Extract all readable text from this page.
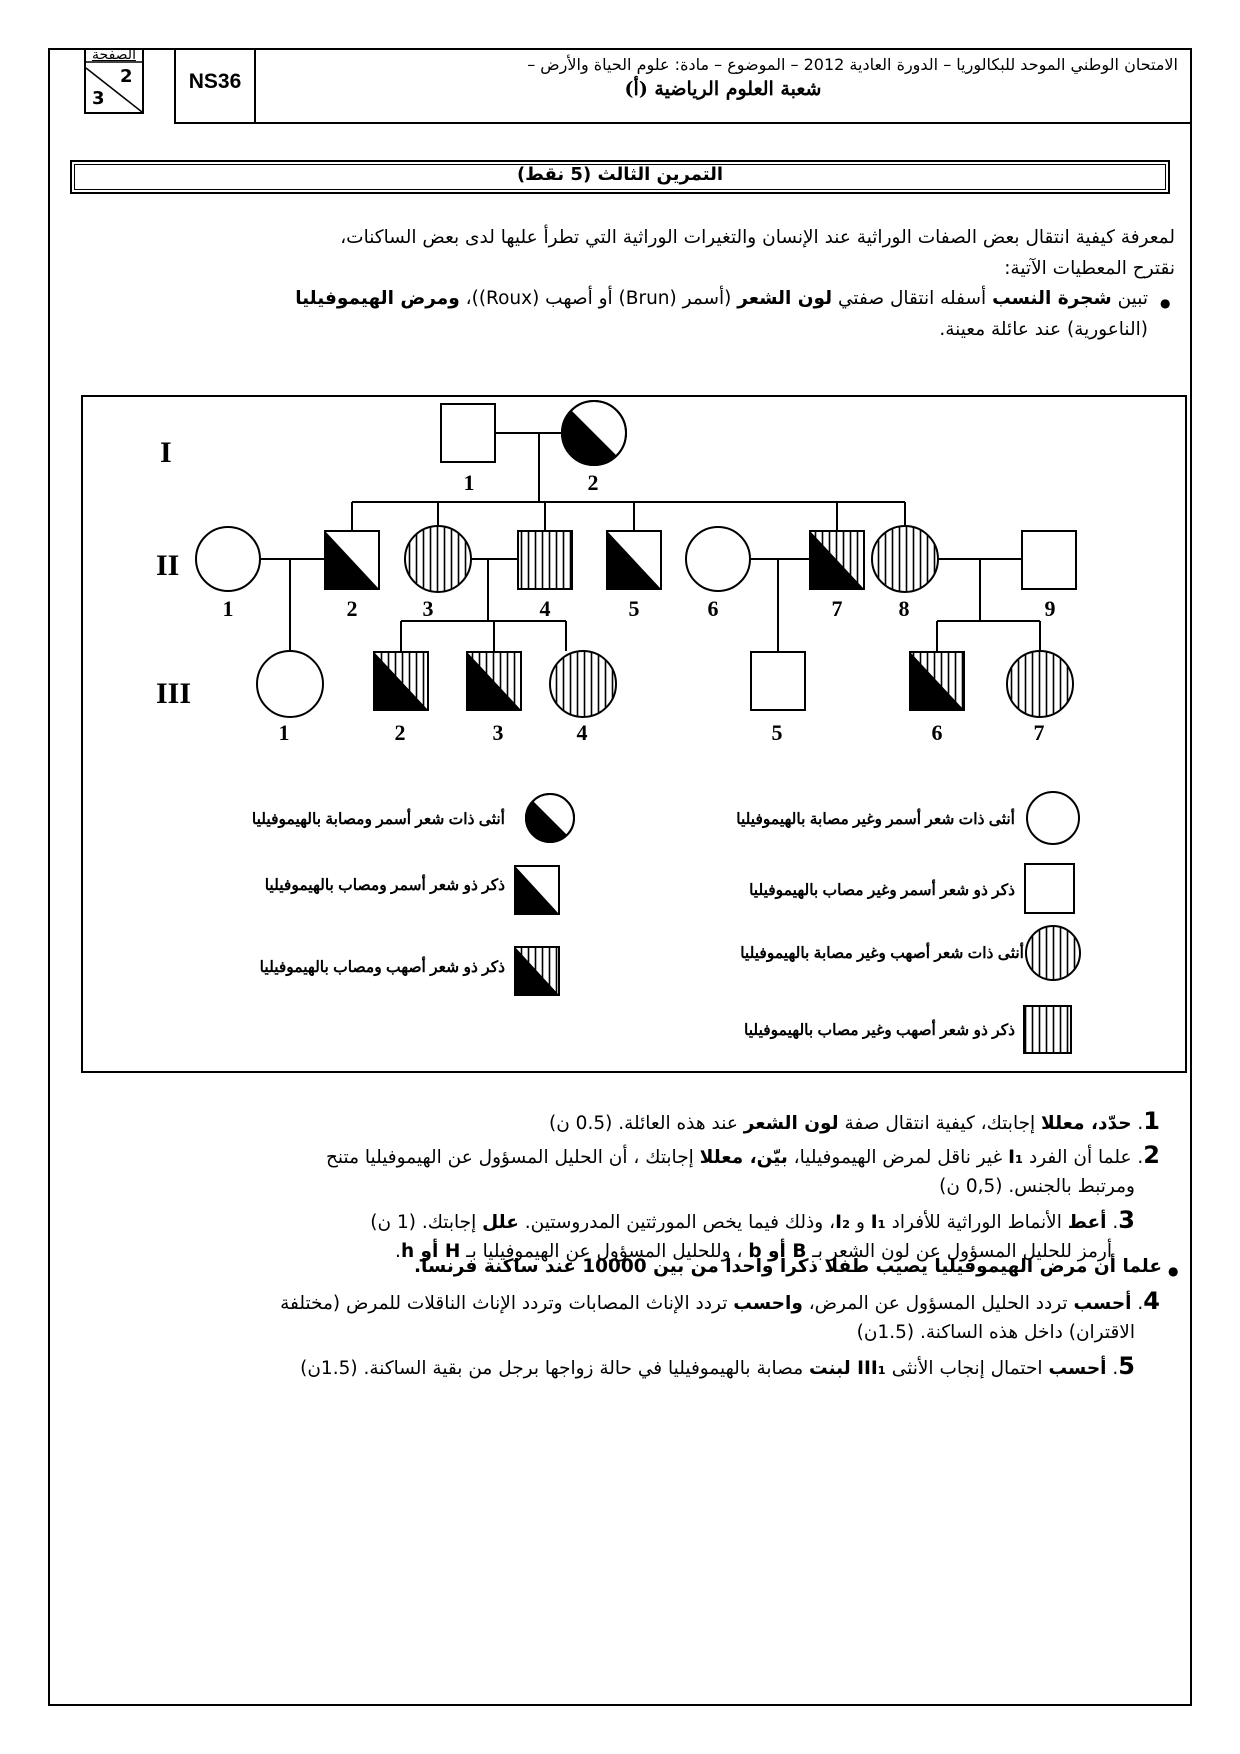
الصفحة
2
3
NS36
الامتحان الوطني الموحد للبكالوريا – الدورة العادية 2012 – الموضوع – مادة: علوم الحياة والأرض –
شعبة العلوم الرياضية (أ)
التمرين الثالث (5 نقط)
لمعرفة كيفية انتقال بعض الصفات الوراثية عند الإنسان والتغيرات الوراثية التي تطرأ عليها لدى بعض الساكنات،
نقترح المعطيات الآتية:
●
تبين شجرة النسب أسفله انتقال صفتي لون الشعر (أسمر (Brun) أو أصهب (Roux))، ومرض الهيموفيليا
(الناعورية) عند عائلة معينة.
I
II
III
1	2
1	2	3	4	5	6	7	8	9
1	2	3	4	5	6	7
أنثى ذات شعر أسمر ومصابة بالهيموفيليا	أنثى ذات شعر أسمر وغير مصابة بالهيموفيليا
ذكر ذو شعر أسمر ومصاب بالهيموفيليا	ذكر ذو شعر أسمر وغير مصاب بالهيموفيليا
ذكر ذو شعر أصهب ومصاب بالهيموفيليا
أنثى ذات شعر أصهب وغير مصابة بالهيموفيليا
ذكر ذو شعر أصهب وغير مصاب بالهيموفيليا
1. حدّد، معللا إجابتك، كيفية انتقال صفة لون الشعر عند هذه العائلة. (0.5 ن)
2. علما أن الفرد I₁ غير ناقل لمرض الهيموفيليا، بيّن، معللا إجابتك ، أن الحليل المسؤول عن الهيموفيليا متنح
ومرتبط بالجنس. (0,5 ن)
3. أعط الأنماط الوراثية للأفراد I₁ و I₂، وذلك فيما يخص المورثتين المدروستين. علل إجابتك. (1 ن)
أرمز للحليل المسؤول عن لون الشعر بـ B أو b ، وللحليل المسؤول عن الهيموفيليا بـ H أو h.
●
علما أن مرض الهيموفيليا يصيب طفلا ذكرا واحدا من بين 10000 عند ساكنة فرنسا.
4. أحسب تردد الحليل المسؤول عن المرض، واحسب تردد الإناث المصابات وتردد الإناث الناقلات للمرض (مختلفة
الاقتران) داخل هذه الساكنة. (1.5ن)
5. أحسب احتمال إنجاب الأنثى III₁ لبنت مصابة بالهيموفيليا في حالة زواجها برجل من بقية الساكنة. (1.5ن)
